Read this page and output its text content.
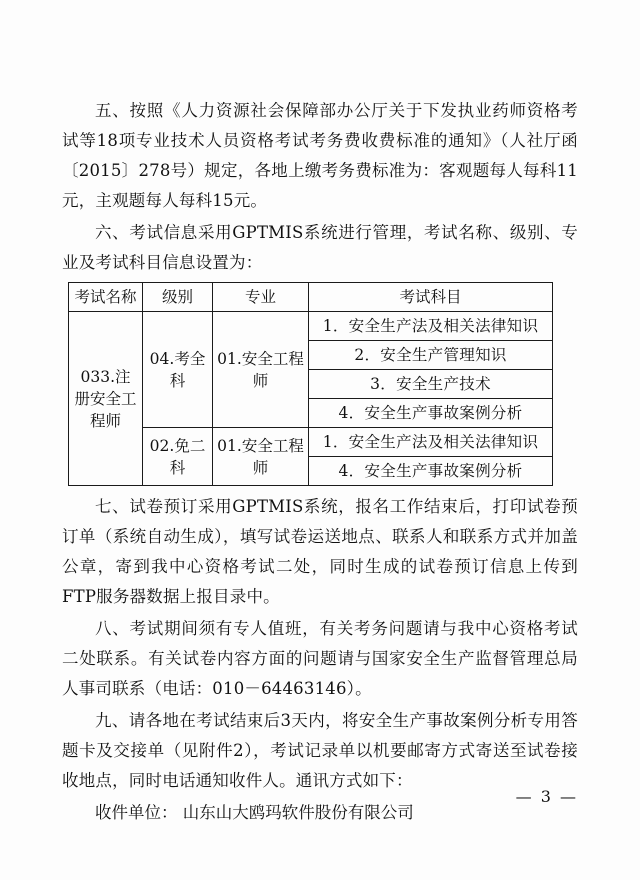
五、按照《人力资源社会保障部办公厅关于下发执业药师资格考试等18项专业技术人员资格考试考务费收费标准的通知》（人社厅函〔2015〕278号）规定，各地上缴考务费标准为：客观题每人每科11元，主观题每人每科15元。

六、考试信息采用GPTMIS系统进行管理，考试名称、级别、专业及考试科目信息设置为：

考试名称	级别	专业	考试科目
033.注册安全工程师	04.考全科	01.安全工程师	1．安全生产法及相关法律知识
			2．安全生产管理知识
			3．安全生产技术
			4．安全生产事故案例分析
	02.免二科	01.安全工程师	1．安全生产法及相关法律知识
			4．安全生产事故案例分析

七、试卷预订采用GPTMIS系统，报名工作结束后，打印试卷预订单（系统自动生成），填写试卷运送地点、联系人和联系方式并加盖公章，寄到我中心资格考试二处，同时生成的试卷预订信息上传到FTP服务器数据上报目录中。

八、考试期间须有专人值班，有关考务问题请与我中心资格考试二处联系。有关试卷内容方面的问题请与国家安全生产监督管理总局人事司联系（电话：010－64463146）。

九、请各地在考试结束后3天内，将安全生产事故案例分析专用答题卡及交接单（见附件2），考试记录单以机要邮寄方式寄送至试卷接收地点，同时电话通知收件人。通讯方式如下：

收件单位： 山东山大鸥玛软件股份有限公司

— 3 —
